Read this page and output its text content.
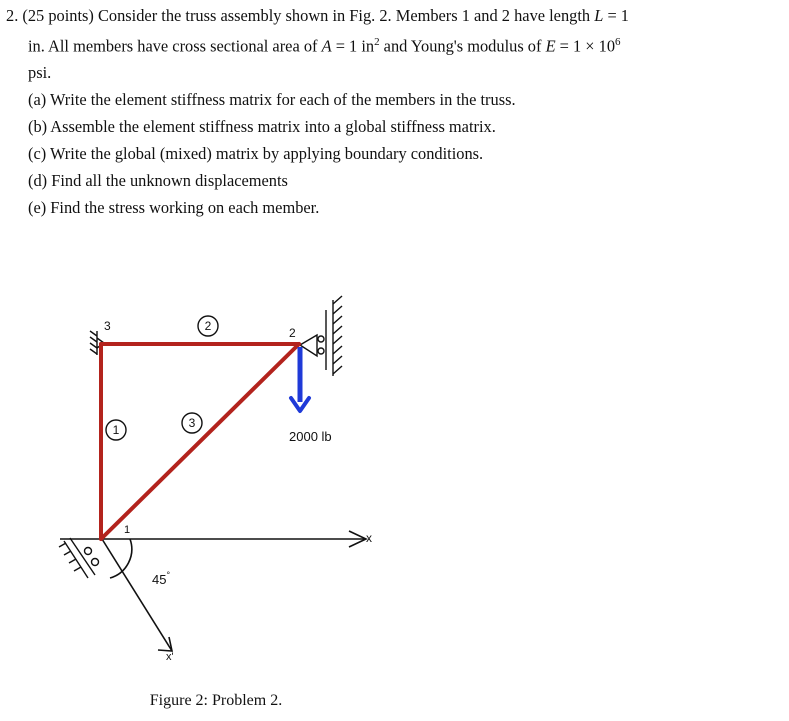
2. (25 points) Consider the truss assembly shown in Fig. 2. Members 1 and 2 have length L = 1
in. All members have cross sectional area of A = 1 $in^2$ and Young's modulus of $E = 1 \times 10^6$
psi.
(a) Write the element stiffness matrix for each of the members in the truss.
(b) Assemble the element stiffness matrix into a global stiffness matrix.
(c) Write the global (mixed) matrix by applying boundary conditions.
(d) Find all the unknown displacements
(e) Find the stress working on each member.
x
x'
45°
1
2
3
1
2
3
2000 lb
Figure 2: Problem 2.
